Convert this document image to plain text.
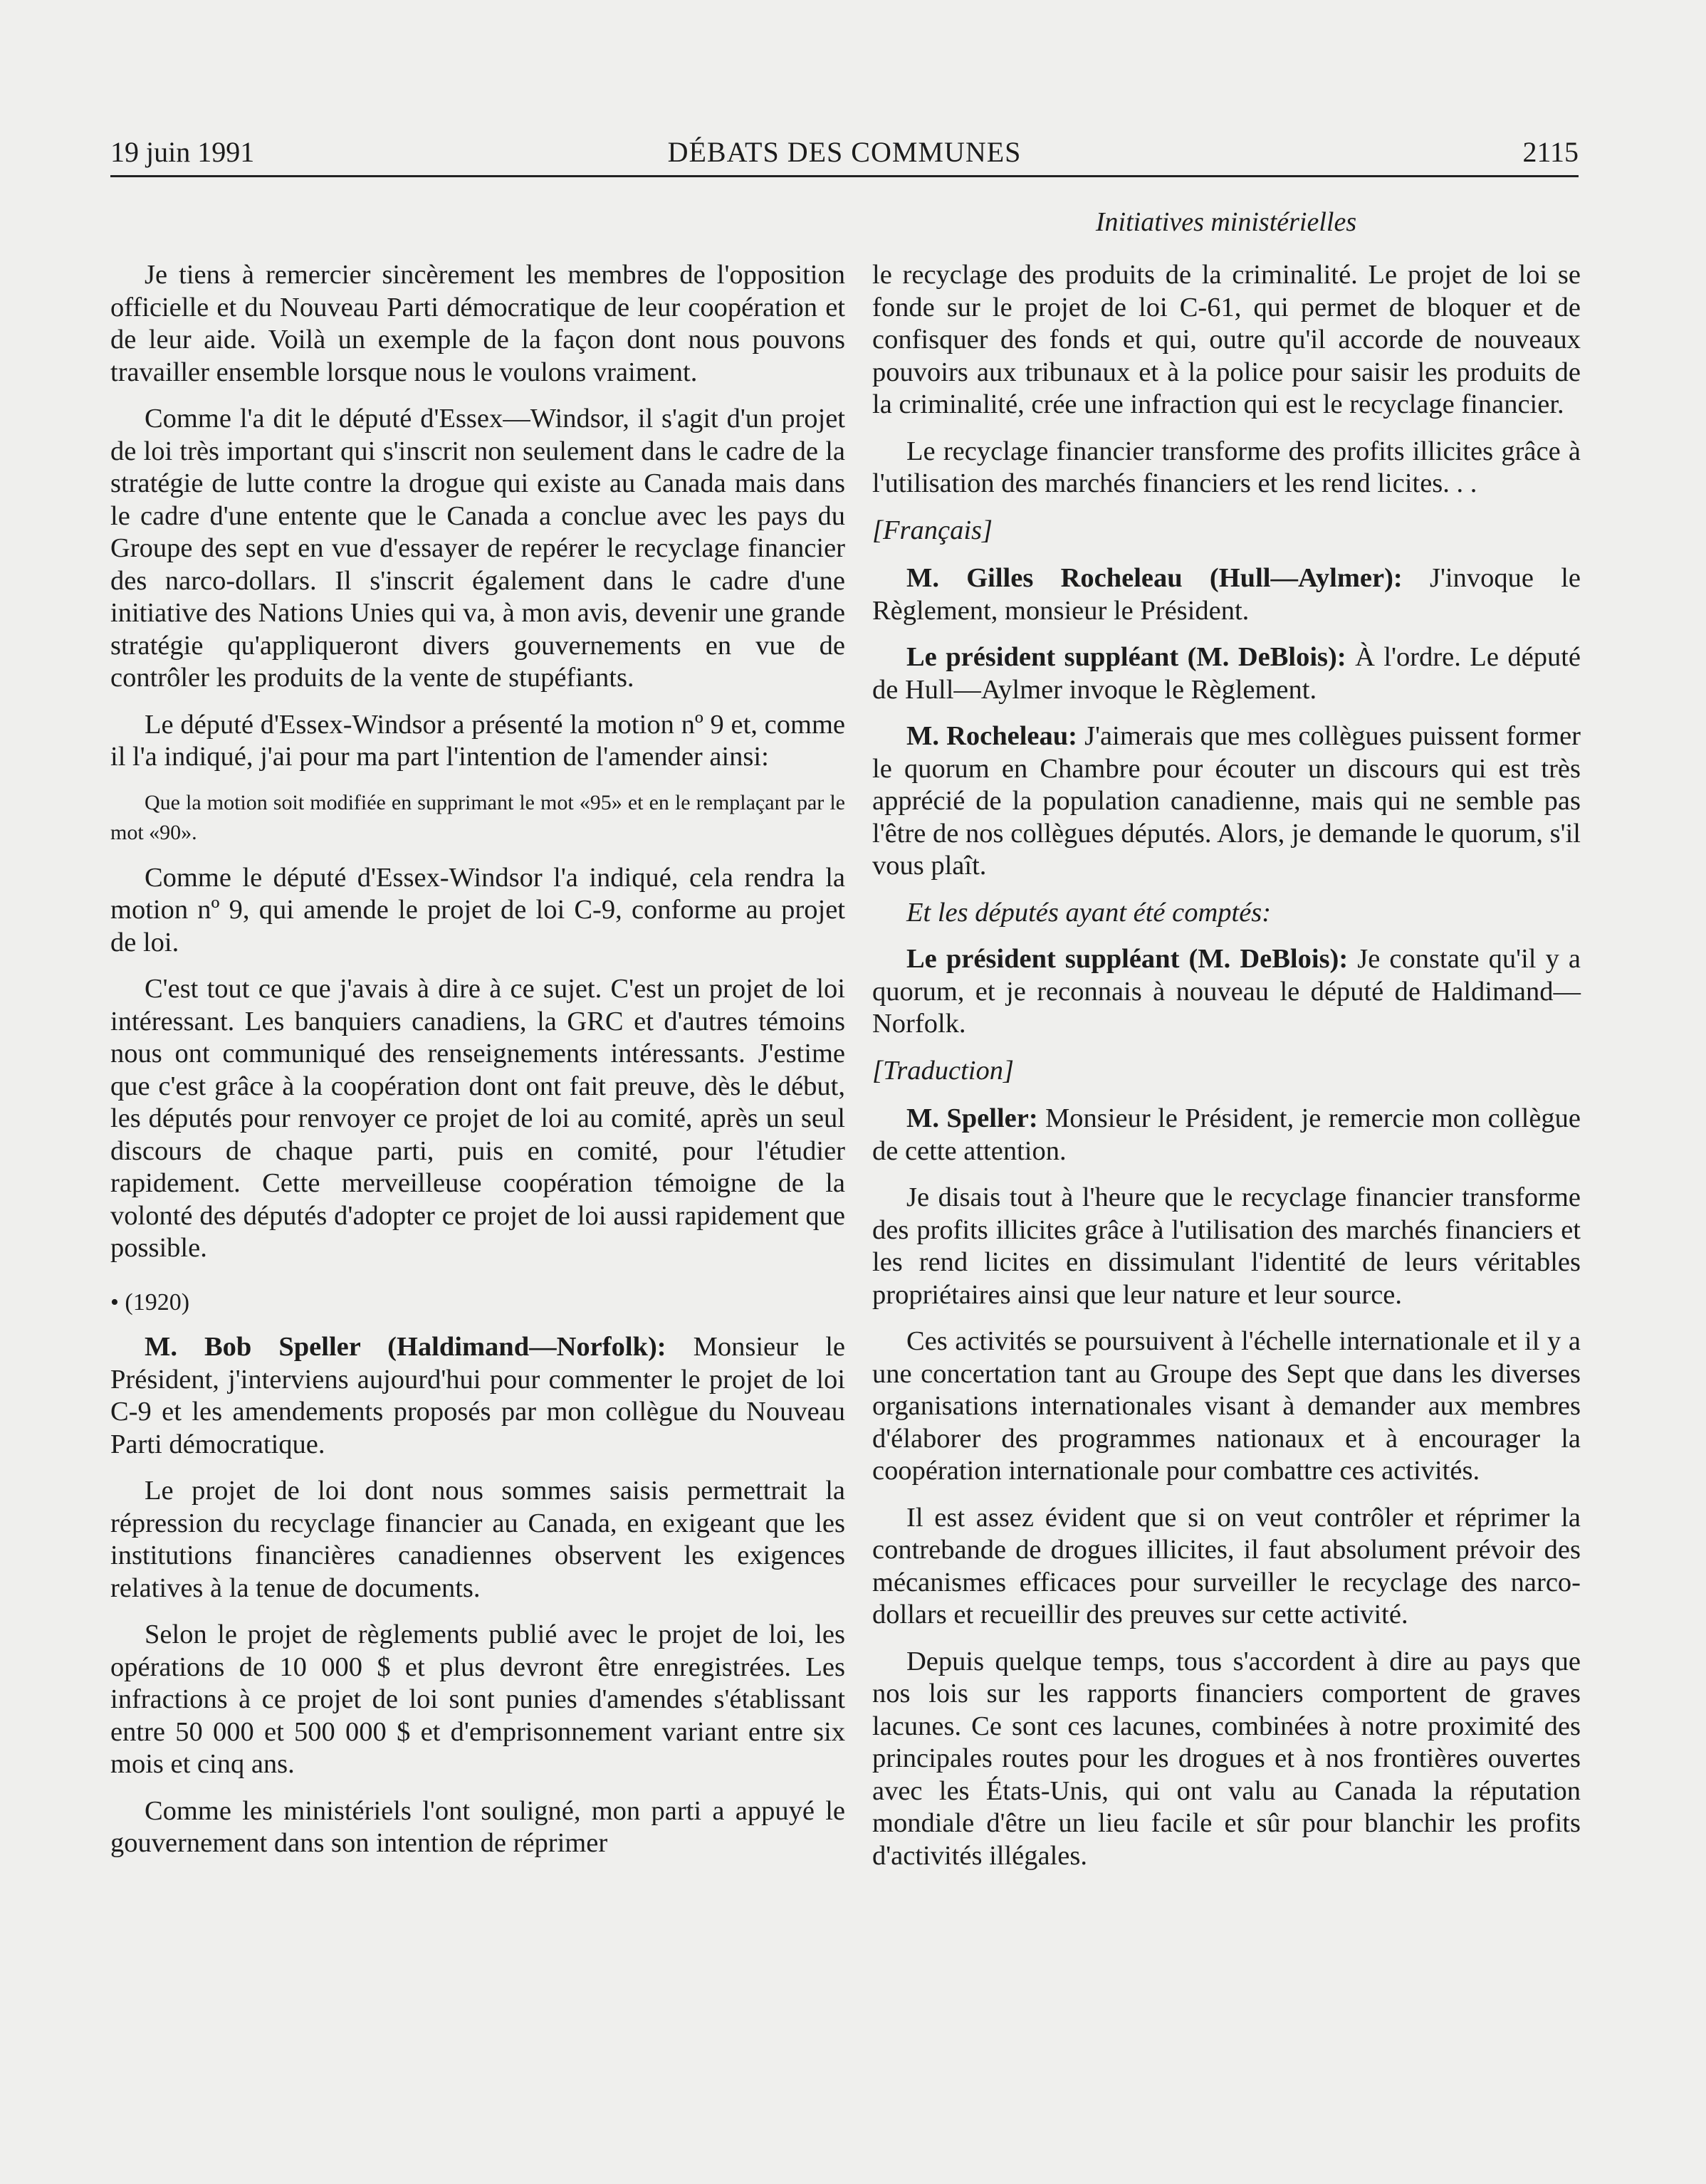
19 juin 1991	DÉBATS DES COMMUNES	2115
Initiatives ministérielles

Je tiens à remercier sincèrement les membres de l'opposition officielle et du Nouveau Parti démocratique de leur coopération et de leur aide. Voilà un exemple de la façon dont nous pouvons travailler ensemble lorsque nous le voulons vraiment.

Comme l'a dit le député d'Essex—Windsor, il s'agit d'un projet de loi très important qui s'inscrit non seulement dans le cadre de la stratégie de lutte contre la drogue qui existe au Canada mais dans le cadre d'une entente que le Canada a conclue avec les pays du Groupe des sept en vue d'essayer de repérer le recyclage financier des narco-dollars. Il s'inscrit également dans le cadre d'une initiative des Nations Unies qui va, à mon avis, devenir une grande stratégie qu'appliqueront divers gouvernements en vue de contrôler les produits de la vente de stupéfiants.

Le député d'Essex-Windsor a présenté la motion nº 9 et, comme il l'a indiqué, j'ai pour ma part l'intention de l'amender ainsi:

Que la motion soit modifiée en supprimant le mot «95» et en le remplaçant par le mot «90».

Comme le député d'Essex-Windsor l'a indiqué, cela rendra la motion nº 9, qui amende le projet de loi C-9, conforme au projet de loi.

C'est tout ce que j'avais à dire à ce sujet. C'est un projet de loi intéressant. Les banquiers canadiens, la GRC et d'autres témoins nous ont communiqué des renseignements intéressants. J'estime que c'est grâce à la coopération dont ont fait preuve, dès le début, les députés pour renvoyer ce projet de loi au comité, après un seul discours de chaque parti, puis en comité, pour l'étudier rapidement. Cette merveilleuse coopération témoigne de la volonté des députés d'adopter ce projet de loi aussi rapidement que possible.

• (1920)

M. Bob Speller (Haldimand—Norfolk): Monsieur le Président, j'interviens aujourd'hui pour commenter le projet de loi C-9 et les amendements proposés par mon collègue du Nouveau Parti démocratique.

Le projet de loi dont nous sommes saisis permettrait la répression du recyclage financier au Canada, en exigeant que les institutions financières canadiennes observent les exigences relatives à la tenue de documents.

Selon le projet de règlements publié avec le projet de loi, les opérations de 10 000 $ et plus devront être enregistrées. Les infractions à ce projet de loi sont punies d'amendes s'établissant entre 50 000 et 500 000 $ et d'emprisonnement variant entre six mois et cinq ans.

Comme les ministériels l'ont souligné, mon parti a appuyé le gouvernement dans son intention de réprimer

le recyclage des produits de la criminalité. Le projet de loi se fonde sur le projet de loi C-61, qui permet de bloquer et de confisquer des fonds et qui, outre qu'il accorde de nouveaux pouvoirs aux tribunaux et à la police pour saisir les produits de la criminalité, crée une infraction qui est le recyclage financier.

Le recyclage financier transforme des profits illicites grâce à l'utilisation des marchés financiers et les rend licites. . .

[Français]

M. Gilles Rocheleau (Hull—Aylmer): J'invoque le Règlement, monsieur le Président.

Le président suppléant (M. DeBlois): À l'ordre. Le député de Hull—Aylmer invoque le Règlement.

M. Rocheleau: J'aimerais que mes collègues puissent former le quorum en Chambre pour écouter un discours qui est très apprécié de la population canadienne, mais qui ne semble pas l'être de nos collègues députés. Alors, je demande le quorum, s'il vous plaît.

Et les députés ayant été comptés:

Le président suppléant (M. DeBlois): Je constate qu'il y a quorum, et je reconnais à nouveau le député de Haldimand—Norfolk.

[Traduction]

M. Speller: Monsieur le Président, je remercie mon collègue de cette attention.

Je disais tout à l'heure que le recyclage financier transforme des profits illicites grâce à l'utilisation des marchés financiers et les rend licites en dissimulant l'identité de leurs véritables propriétaires ainsi que leur nature et leur source.

Ces activités se poursuivent à l'échelle internationale et il y a une concertation tant au Groupe des Sept que dans les diverses organisations internationales visant à demander aux membres d'élaborer des programmes nationaux et à encourager la coopération internationale pour combattre ces activités.

Il est assez évident que si on veut contrôler et réprimer la contrebande de drogues illicites, il faut absolument prévoir des mécanismes efficaces pour surveiller le recyclage des narco-dollars et recueillir des preuves sur cette activité.

Depuis quelque temps, tous s'accordent à dire au pays que nos lois sur les rapports financiers comportent de graves lacunes. Ce sont ces lacunes, combinées à notre proximité des principales routes pour les drogues et à nos frontières ouvertes avec les États-Unis, qui ont valu au Canada la réputation mondiale d'être un lieu facile et sûr pour blanchir les profits d'activités illégales.
